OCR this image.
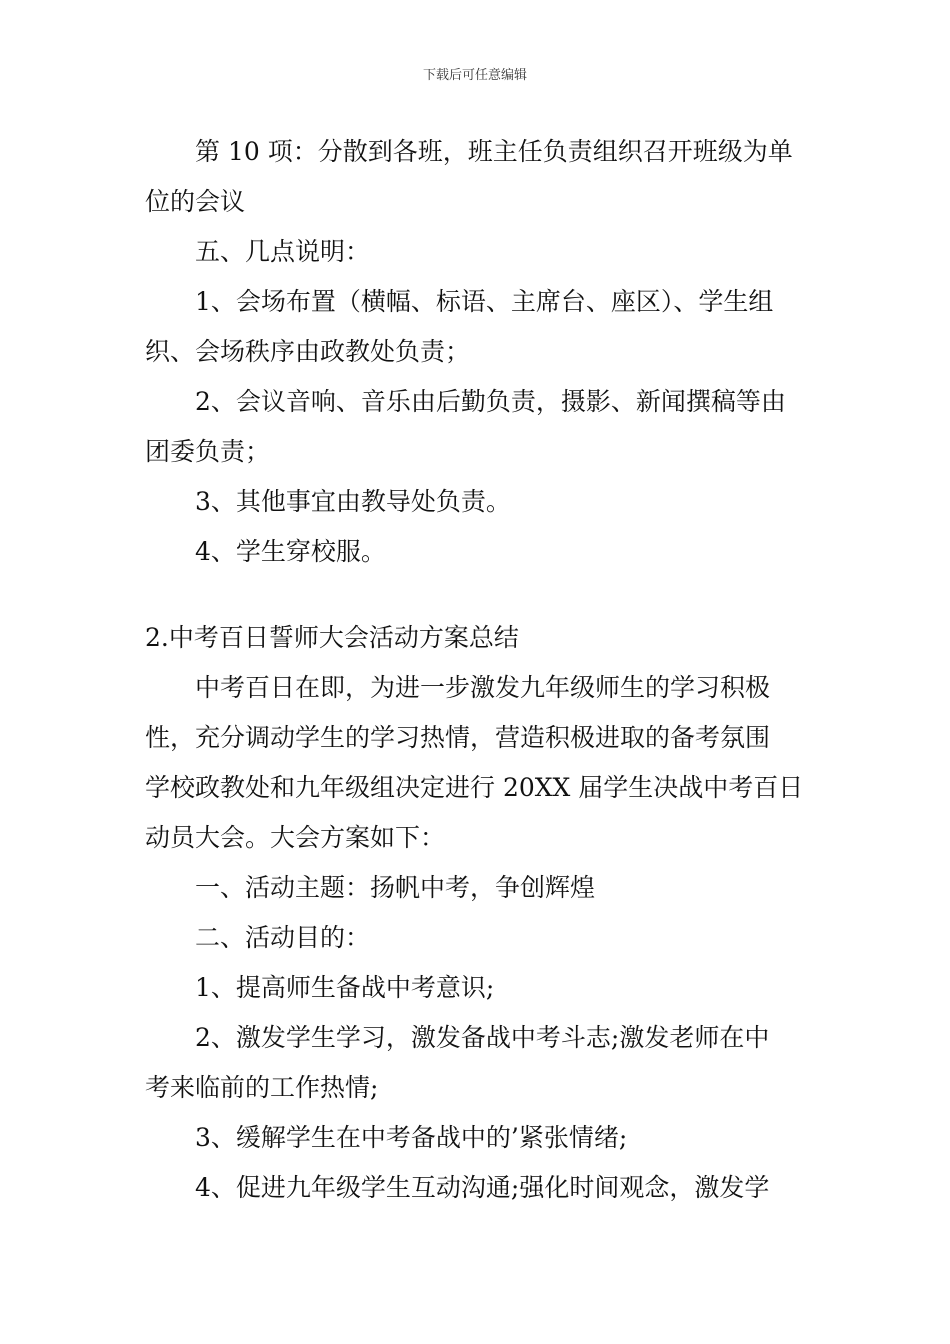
下载后可任意编辑
第 10 项：分散到各班，班主任负责组织召开班级为单
位的会议
五、几点说明：
1、会场布置（横幅、标语、主席台、座区）、学生组
织、会场秩序由政教处负责；
2、会议音响、音乐由后勤负责，摄影、新闻撰稿等由
团委负责；
3、其他事宜由教导处负责。
4、学生穿校服。
2.中考百日誓师大会活动方案总结
中考百日在即，为进一步激发九年级师生的学习积极
性，充分调动学生的学习热情，营造积极进取的备考氛围
学校政教处和九年级组决定进行 20XX 届学生决战中考百日
动员大会。大会方案如下：
一、活动主题：扬帆中考，争创辉煌
二、活动目的：
1、提高师生备战中考意识;
2、激发学生学习，激发备战中考斗志;激发老师在中
考来临前的工作热情;
3、缓解学生在中考备战中的’紧张情绪;
4、促进九年级学生互动沟通;强化时间观念，激发学
